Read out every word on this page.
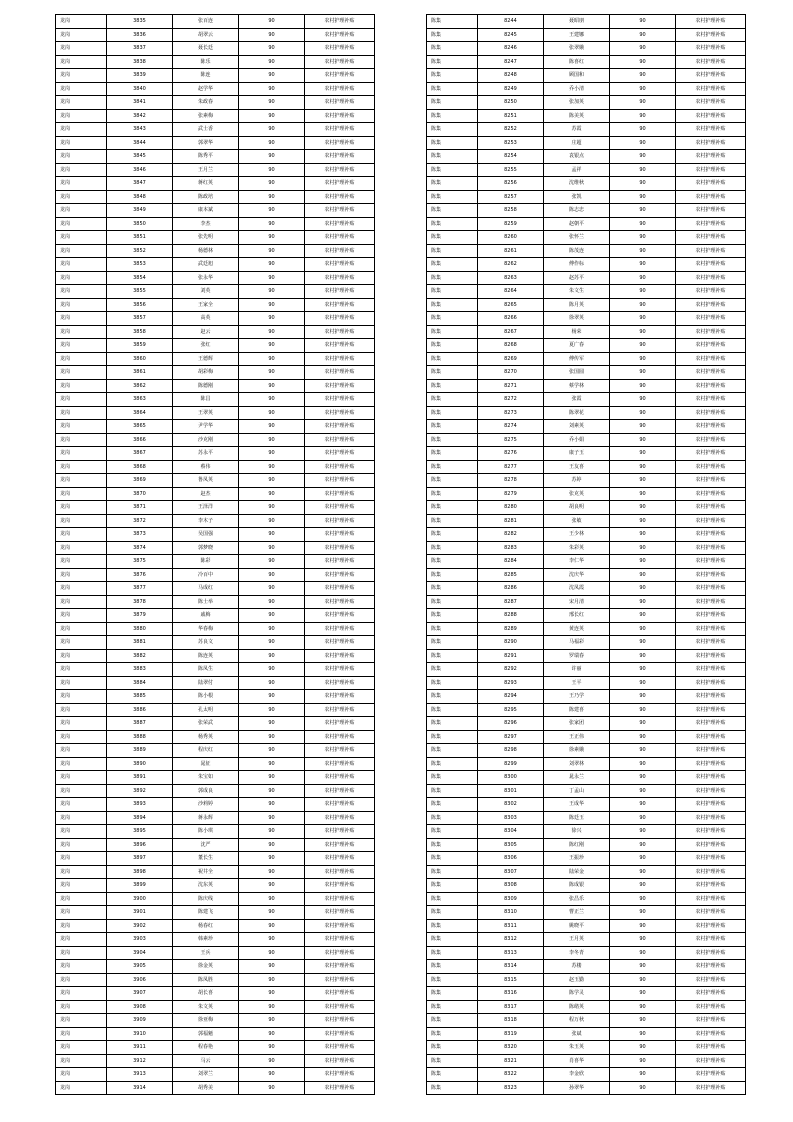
龙岗	3835	张百连	90	农村护理补贴
龙岗	3836	胡翠云	90	农村护理补贴
龙岗	3837	聂长廷	90	农村护理补贴
龙岗	3838	陈乐	90	农村护理补贴
龙岗	3839	陈连	90	农村护理补贴
龙岗	3840	赵学华	90	农村护理补贴
龙岗	3841	朱政春	90	农村护理补贴
龙岗	3842	张素梅	90	农村护理补贴
龙岗	3843	武士香	90	农村护理补贴
龙岗	3844	郭翠华	90	农村护理补贴
龙岗	3845	陈秀平	90	农村护理补贴
龙岗	3846	王月兰	90	农村护理补贴
龙岗	3847	蒋红英	90	农村护理补贴
龙岗	3848	陈政培	90	农村护理补贴
龙岗	3849	康本斌	90	农村护理补贴
龙岗	3850	李杰	90	农村护理补贴
龙岗	3851	张先明	90	农村护理补贴
龙岗	3852	杨德林	90	农村护理补贴
龙岗	3853	武廷旭	90	农村护理补贴
龙岗	3854	张永华	90	农村护理补贴
龙岗	3855	刘英	90	农村护理补贴
龙岗	3856	王家全	90	农村护理补贴
龙岗	3857	高英	90	农村护理补贴
龙岗	3858	赵云	90	农村护理补贴
龙岗	3859	张红	90	农村护理补贴
龙岗	3860	王德辉	90	农村护理补贴
龙岗	3861	胡彩梅	90	农村护理补贴
龙岗	3862	陈德刚	90	农村护理补贴
龙岗	3863	陈昌	90	农村护理补贴
龙岗	3864	王翠英	90	农村护理补贴
龙岗	3865	尹学华	90	农村护理补贴
龙岗	3866	沙克刚	90	农村护理补贴
龙岗	3867	苏永平	90	农村护理补贴
龙岗	3868	蔡伟	90	农村护理补贴
龙岗	3869	鲁凤英	90	农村护理补贴
龙岗	3870	赵杰	90	农村护理补贴
龙岗	3871	王泽洋	90	农村护理补贴
龙岗	3872	李木子	90	农村护理补贴
龙岗	3873	吴国强	90	农村护理补贴
龙岗	3874	郭梦晓	90	农村护理补贴
龙岗	3875	陈彩	90	农村护理补贴
龙岗	3876	冷百中	90	农村护理补贴
龙岗	3877	马成红	90	农村护理补贴
龙岗	3878	陈士举	90	农村护理补贴
龙岗	3879	戚梅	90	农村护理补贴
龙岗	3880	华春梅	90	农村护理补贴
龙岗	3881	苏良文	90	农村护理补贴
龙岗	3882	陈连英	90	农村护理补贴
龙岗	3883	陈凤生	90	农村护理补贴
龙岗	3884	陆翠付	90	农村护理补贴
龙岗	3885	陈小根	90	农村护理补贴
龙岗	3886	孔太明	90	农村护理补贴
龙岗	3887	张荣武	90	农村护理补贴
龙岗	3888	杨秀英	90	农村护理补贴
龙岗	3889	程庆红	90	农村护理补贴
龙岗	3890	晁征	90	农村护理补贴
龙岗	3891	朱宝如	90	农村护理补贴
龙岗	3892	郭成良	90	农村护理补贴
龙岗	3893	沙莉婷	90	农村护理补贴
龙岗	3894	蒋永辉	90	农村护理补贴
龙岗	3895	陈小琪	90	农村护理补贴
龙岗	3896	沈严	90	农村护理补贴
龙岗	3897	董长生	90	农村护理补贴
龙岗	3898	祝井全	90	农村护理补贴
龙岗	3899	沈东英	90	农村护理补贴
龙岗	3900	陈庆线	90	农村护理补贴
龙岗	3901	陈建飞	90	农村护理补贴
龙岗	3902	杨春红	90	农村护理补贴
龙岗	3903	韩素珍	90	农村护理补贴
龙岗	3904	王兵	90	农村护理补贴
龙岗	3905	徐金英	90	农村护理补贴
龙岗	3906	陈凤胜	90	农村护理补贴
龙岗	3907	胡长喜	90	农村护理补贴
龙岗	3908	朱文英	90	农村护理补贴
龙岗	3909	徐亚梅	90	农村护理补贴
龙岗	3910	郭福魁	90	农村护理补贴
龙岗	3911	程春艳	90	农村护理补贴
龙岗	3912	马云	90	农村护理补贴
龙岗	3913	刘翠兰	90	农村护理补贴
龙岗	3914	胡秀美	90	农村护理补贴
陈集	8244	聂昭朋	90	农村护理补贴
陈集	8245	王建娜	90	农村护理补贴
陈集	8246	张翠娥	90	农村护理补贴
陈集	8247	陈喜红	90	农村护理补贴
陈集	8248	顾国和	90	农村护理补贴
陈集	8249	乔小清	90	农村护理补贴
陈集	8250	张加英	90	农村护理补贴
陈集	8251	陈美英	90	农村护理补贴
陈集	8252	苏霞	90	农村护理补贴
陈集	8253	庄超	90	农村护理补贴
陈集	8254	袁银点	90	农村护理补贴
陈集	8255	孟祥	90	农村护理补贴
陈集	8256	沈维秋	90	农村护理补贴
陈集	8257	张凯	90	农村护理补贴
陈集	8258	陈志忠	90	农村护理补贴
陈集	8259	赵朝平	90	农村护理补贴
陈集	8260	张怀兰	90	农村护理补贴
陈集	8261	陈茂连	90	农村护理补贴
陈集	8262	傅作标	90	农村护理补贴
陈集	8263	赵苏平	90	农村护理补贴
陈集	8264	朱文生	90	农村护理补贴
陈集	8265	陈月英	90	农村护理补贴
陈集	8266	徐翠英	90	农村护理补贴
陈集	8267	杨荣	90	农村护理补贴
陈集	8268	夏广春	90	农村护理补贴
陈集	8269	傅传军	90	农村护理补贴
陈集	8270	张国圆	90	农村护理补贴
陈集	8271	蔡学林	90	农村护理补贴
陈集	8272	张霞	90	农村护理补贴
陈集	8273	陈翠花	90	农村护理补贴
陈集	8274	刘素英	90	农村护理补贴
陈集	8275	乔小娟	90	农村护理补贴
陈集	8276	康子玉	90	农村护理补贴
陈集	8277	王友喜	90	农村护理补贴
陈集	8278	苏婷	90	农村护理补贴
陈集	8279	张克英	90	农村护理补贴
陈集	8280	胡良明	90	农村护理补贴
陈集	8281	张敏	90	农村护理补贴
陈集	8282	王少林	90	农村护理补贴
陈集	8283	朱彩英	90	农村护理补贴
陈集	8284	李仁华	90	农村护理补贴
陈集	8285	沈庆华	90	农村护理补贴
陈集	8286	沈凤霞	90	农村护理补贴
陈集	8287	宋月清	90	农村护理补贴
陈集	8288	邢长红	90	农村护理补贴
陈集	8289	黄连英	90	农村护理补贴
陈集	8290	马福彩	90	农村护理补贴
陈集	8291	罗瑞春	90	农村护理补贴
陈集	8292	许丽	90	农村护理补贴
陈集	8293	王平	90	农村护理补贴
陈集	8294	王乃学	90	农村护理补贴
陈集	8295	陈建喜	90	农村护理补贴
陈集	8296	张家团	90	农村护理补贴
陈集	8297	王正伟	90	农村护理补贴
陈集	8298	徐素娥	90	农村护理补贴
陈集	8299	刘翠林	90	农村护理补贴
陈集	8300	晁永兰	90	农村护理补贴
陈集	8301	丁孟山	90	农村护理补贴
陈集	8302	王成华	90	农村护理补贴
陈集	8303	陈廷玉	90	农村护理补贴
陈集	8304	徐兴	90	农村护理补贴
陈集	8305	陈红刚	90	农村护理补贴
陈集	8306	王振珍	90	农村护理补贴
陈集	8307	陆荣金	90	农村护理补贴
陈集	8308	陈成银	90	农村护理补贴
陈集	8309	张昌乐	90	农村护理补贴
陈集	8310	曹正兰	90	农村护理补贴
陈集	8311	姚晓平	90	农村护理补贴
陈集	8312	王月英	90	农村护理补贴
陈集	8313	李冬青	90	农村护理补贴
陈集	8314	苏楼	90	农村护理补贴
陈集	8315	赵玉勤	90	农村护理补贴
陈集	8316	陈学灵	90	农村护理补贴
陈集	8317	陈绪英	90	农村护理补贴
陈集	8318	程万秋	90	农村护理补贴
陈集	8319	张斌	90	农村护理补贴
陈集	8320	朱玉英	90	农村护理补贴
陈集	8321	肖喜华	90	农村护理补贴
陈集	8322	李金欣	90	农村护理补贴
陈集	8323	孙翠华	90	农村护理补贴
